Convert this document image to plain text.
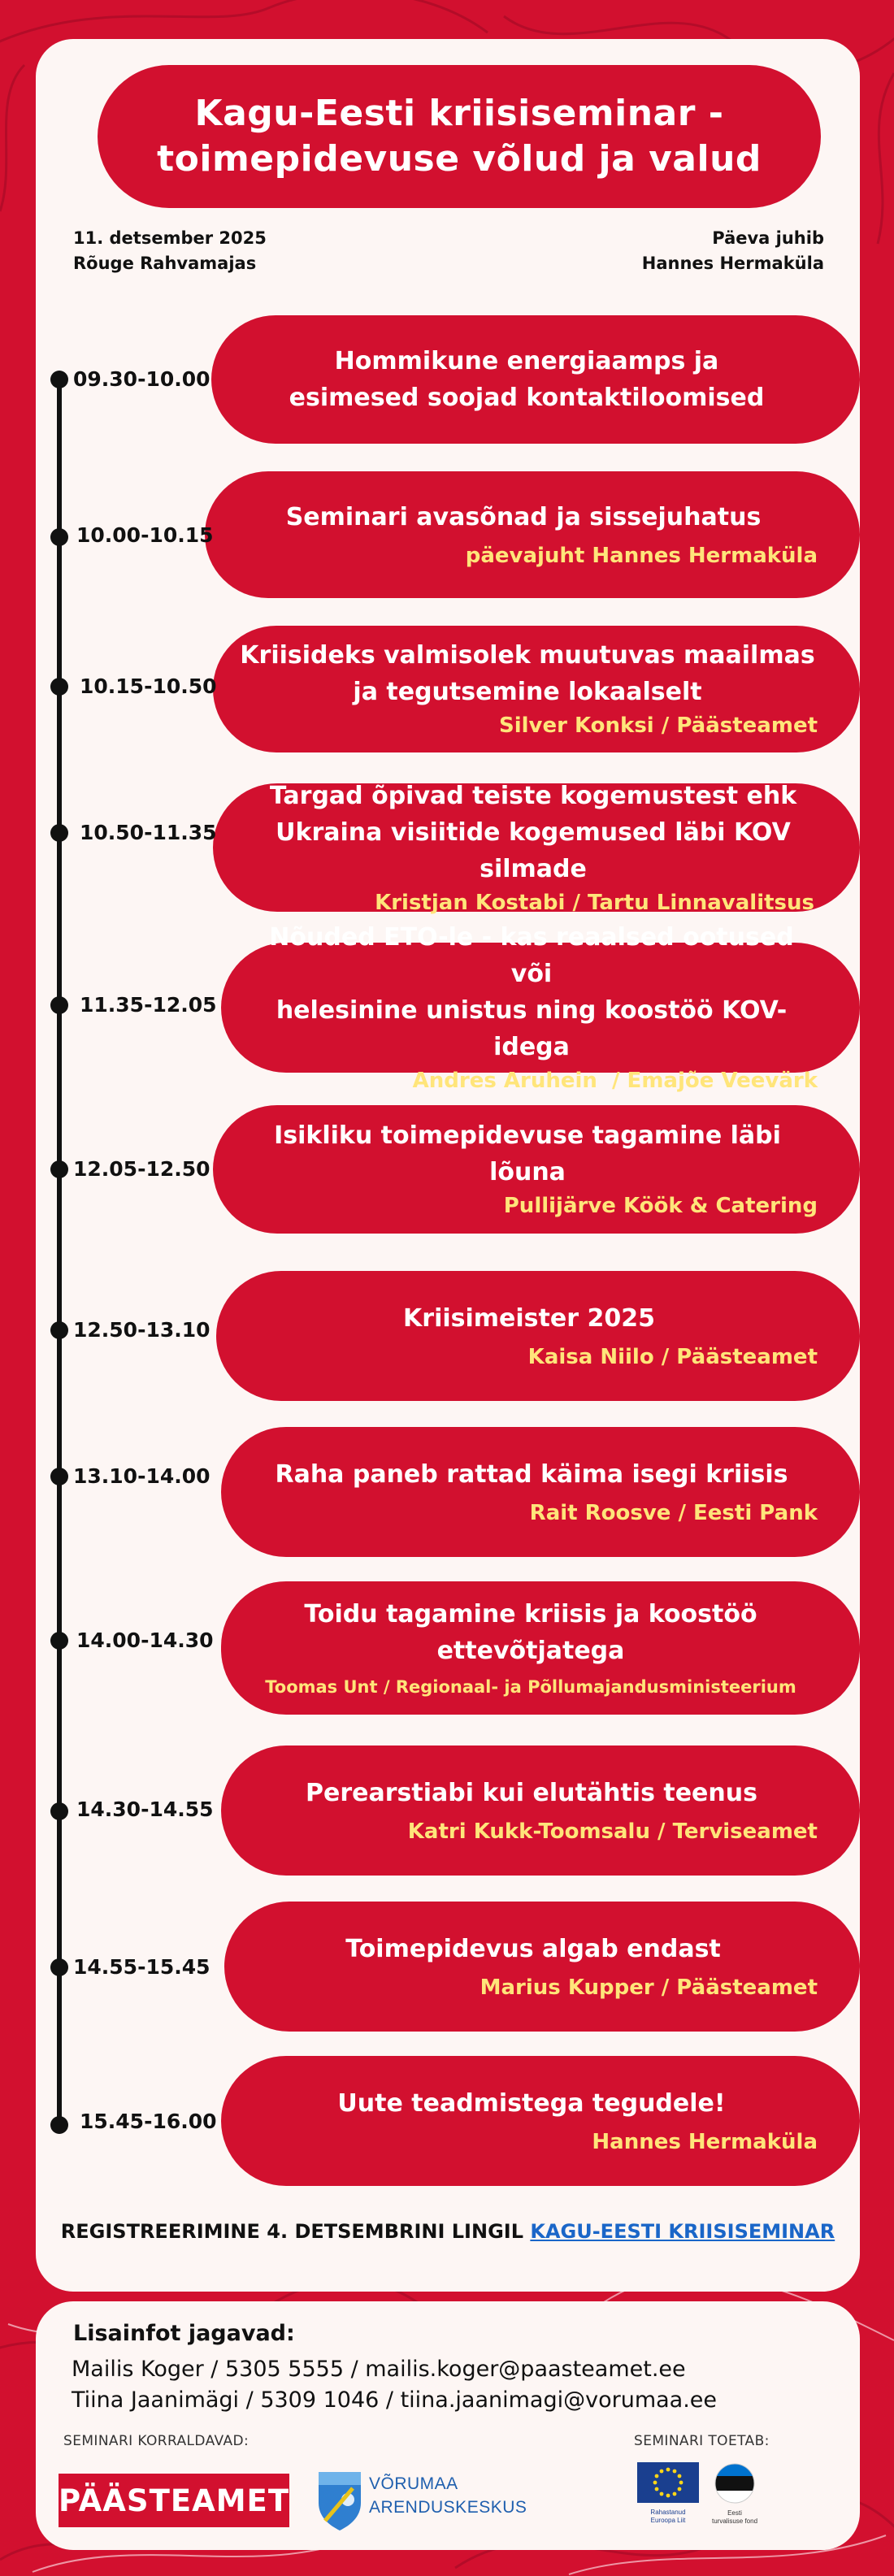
Kagu-Eesti kriisiseminar -
toimepidevuse võlud ja valud
11. detsember 2025
Rõuge Rahvamajas
Päeva juhib
Hannes Hermaküla
09.30-10.00
Hommikune energiaamps ja
esimesed soojad kontaktiloomised
10.00-10.15
Seminari avasõnad ja sissejuhatus
päevajuht Hannes Hermaküla
10.15-10.50
Kriisideks valmisolek muutuvas maailmas
ja tegutsemine lokaalselt
Silver Konksi / Päästeamet
10.50-11.35
Targad õpivad teiste kogemustest ehk
Ukraina visiitide kogemused läbi KOV silmade
Kristjan Kostabi / Tartu Linnavalitsus
11.35-12.05
Nõuded ETO-le - kas reaalsed ootused või
helesinine unistus ning koostöö KOV-idega
Andres Aruhein  / Emajõe Veevärk
12.05-12.50
Isikliku toimepidevuse tagamine läbi lõuna
Pullijärve Köök & Catering
12.50-13.10	Kriisimeister 2025
Kaisa Niilo / Päästeamet
13.10-14.00	Raha paneb rattad käima isegi kriisis
Rait Roosve / Eesti Pank
14.00-14.30
Toidu tagamine kriisis ja koostöö
ettevõtjatega
Toomas Unt / Regionaal- ja Põllumajandusministeerium
14.30-14.55
Perearstiabi kui elutähtis teenus
Katri Kukk-Toomsalu / Terviseamet
14.55-15.45
Toimepidevus algab endast
Marius Kupper / Päästeamet
15.45-16.00
Uute teadmistega tegudele!
Hannes Hermaküla
REGISTREERIMINE 4. DETSEMBRINI LINGIL KAGU-EESTI KRIISISEMINAR
Lisainfot jagavad:
Mailis Koger / 5305 5555 / mailis.koger@paasteamet.ee
Tiina Jaanimägi / 5309 1046 / tiina.jaanimagi@vorumaa.ee
SEMINARI KORRALDAVAD:	SEMINARI TOETAB:
PÄÄSTEAMET	VÕRUMAA
ARENDUSKESKUS	Rahastanud
Euroopa Liit
Eesti
turvalisuse fond
